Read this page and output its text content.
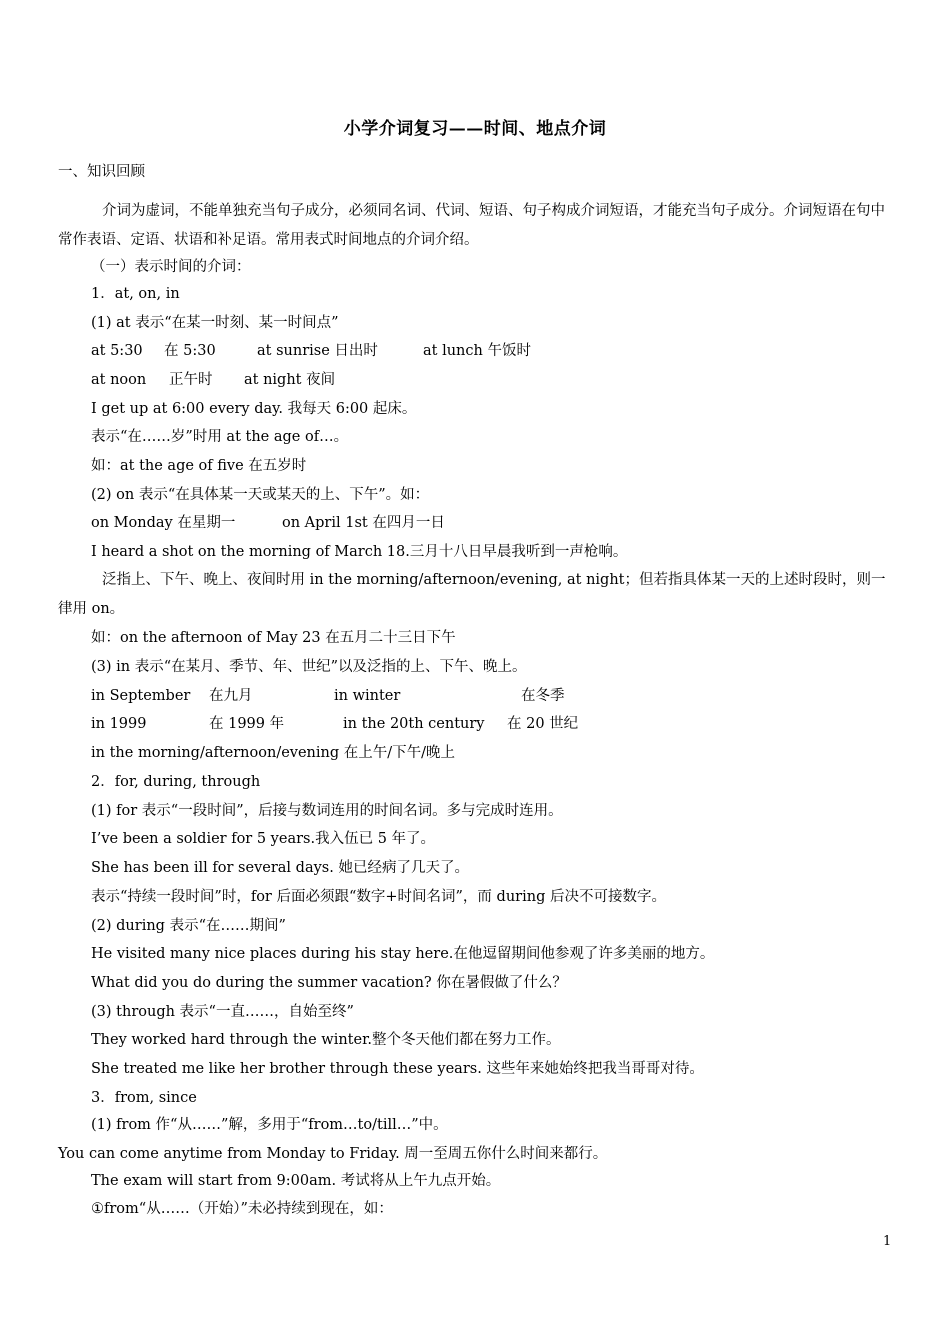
小学介词复习——时间、地点介词
一、知识回顾
介词为虚词，不能单独充当句子成分，必须同名词、代词、短语、句子构成介词短语，才能充当句子成分。介词短语在句中常作表语、定语、状语和补足语。常用表式时间地点的介词介绍。
（一）表示时间的介词：
1．at, on, in
(1) at 表示“在某一时刻、某一时间点”
at 5:30 在 5:30	at sunrise 日出时	at lunch 午饭时
at noon 正午时 at night 夜间
I get up at 6:00 every day. 我每天 6:00 起床。
表示“在……岁”时用 at the age of…。
如：at the age of five 在五岁时
(2) on 表示“在具体某一天或某天的上、下午”。如：
on Monday 在星期一	on April 1st 在四月一日
I heard a shot on the morning of March 18.三月十八日早晨我听到一声枪响。
泛指上、下午、晚上、夜间时用 in the morning/afternoon/evening, at night；但若指具体某一天的上述时段时，则一律用 on。
如：on the afternoon of May 23 在五月二十三日下午
(3) in 表示“在某月、季节、年、世纪”以及泛指的上、下午、晚上。
in September 在九月	in winter	在冬季
in 1999	在 1999 年	in the 20th century 在 20 世纪
in the morning/afternoon/evening 在上午/下午/晚上
2．for, during, through
(1) for 表示“一段时间”，后接与数词连用的时间名词。多与完成时连用。
I’ve been a soldier for 5 years.我入伍已 5 年了。
She has been ill for several days. 她已经病了几天了。
表示“持续一段时间”时，for 后面必须跟“数字+时间名词”，而 during 后决不可接数字。
(2) during 表示“在……期间”
He visited many nice places during his stay here.在他逗留期间他参观了许多美丽的地方。
What did you do during the summer vacation? 你在暑假做了什么？
(3) through 表示“一直……，自始至终”
They worked hard through the winter.整个冬天他们都在努力工作。
She treated me like her brother through these years. 这些年来她始终把我当哥哥对待。
3．from, since
(1) from 作“从……”解，多用于“from…to/till…”中。
You can come anytime from Monday to Friday. 周一至周五你什么时间来都行。
The exam will start from 9:00am. 考试将从上午九点开始。
①from“从……（开始）”未必持续到现在，如：
1
